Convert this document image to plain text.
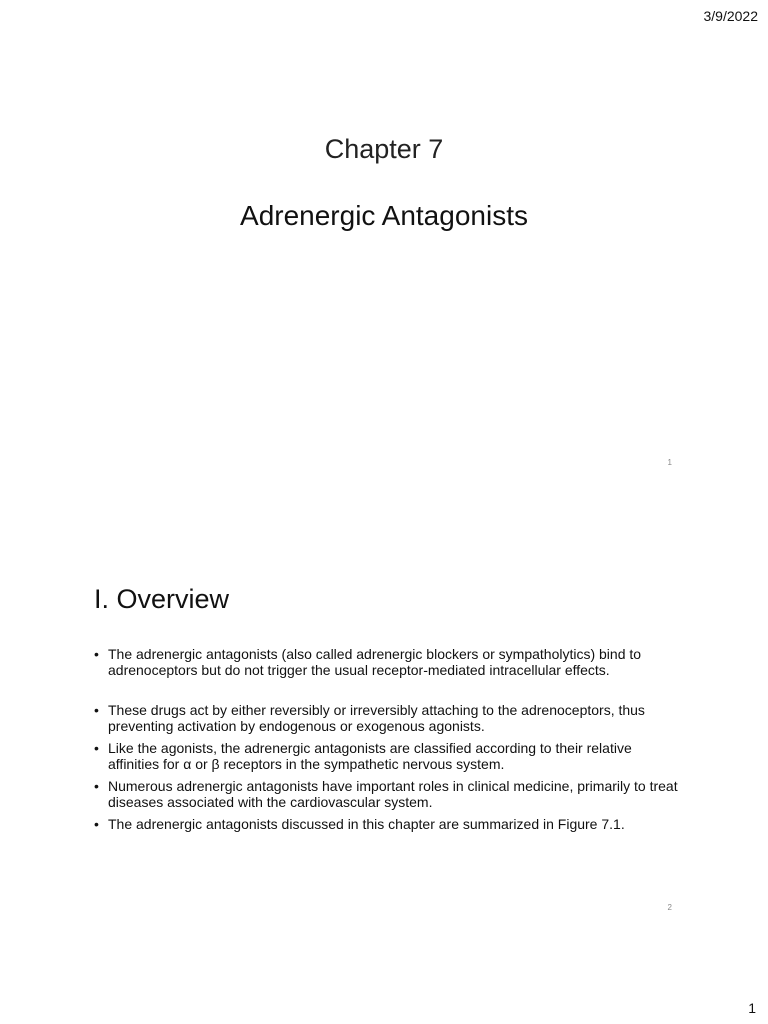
3/9/2022
Chapter 7
Adrenergic Antagonists
1
I. Overview
• The adrenergic antagonists (also called adrenergic blockers or sympatholytics) bind to adrenoceptors but do not trigger the usual receptor-mediated intracellular effects.
• These drugs act by either reversibly or irreversibly attaching to the adrenoceptors, thus preventing activation by endogenous or exogenous agonists.
• Like the agonists, the adrenergic antagonists are classified according to their relative affinities for α or β receptors in the sympathetic nervous system.
• Numerous adrenergic antagonists have important roles in clinical medicine, primarily to treat diseases associated with the cardiovascular system.
• The adrenergic antagonists discussed in this chapter are summarized in Figure 7.1.
2
1
